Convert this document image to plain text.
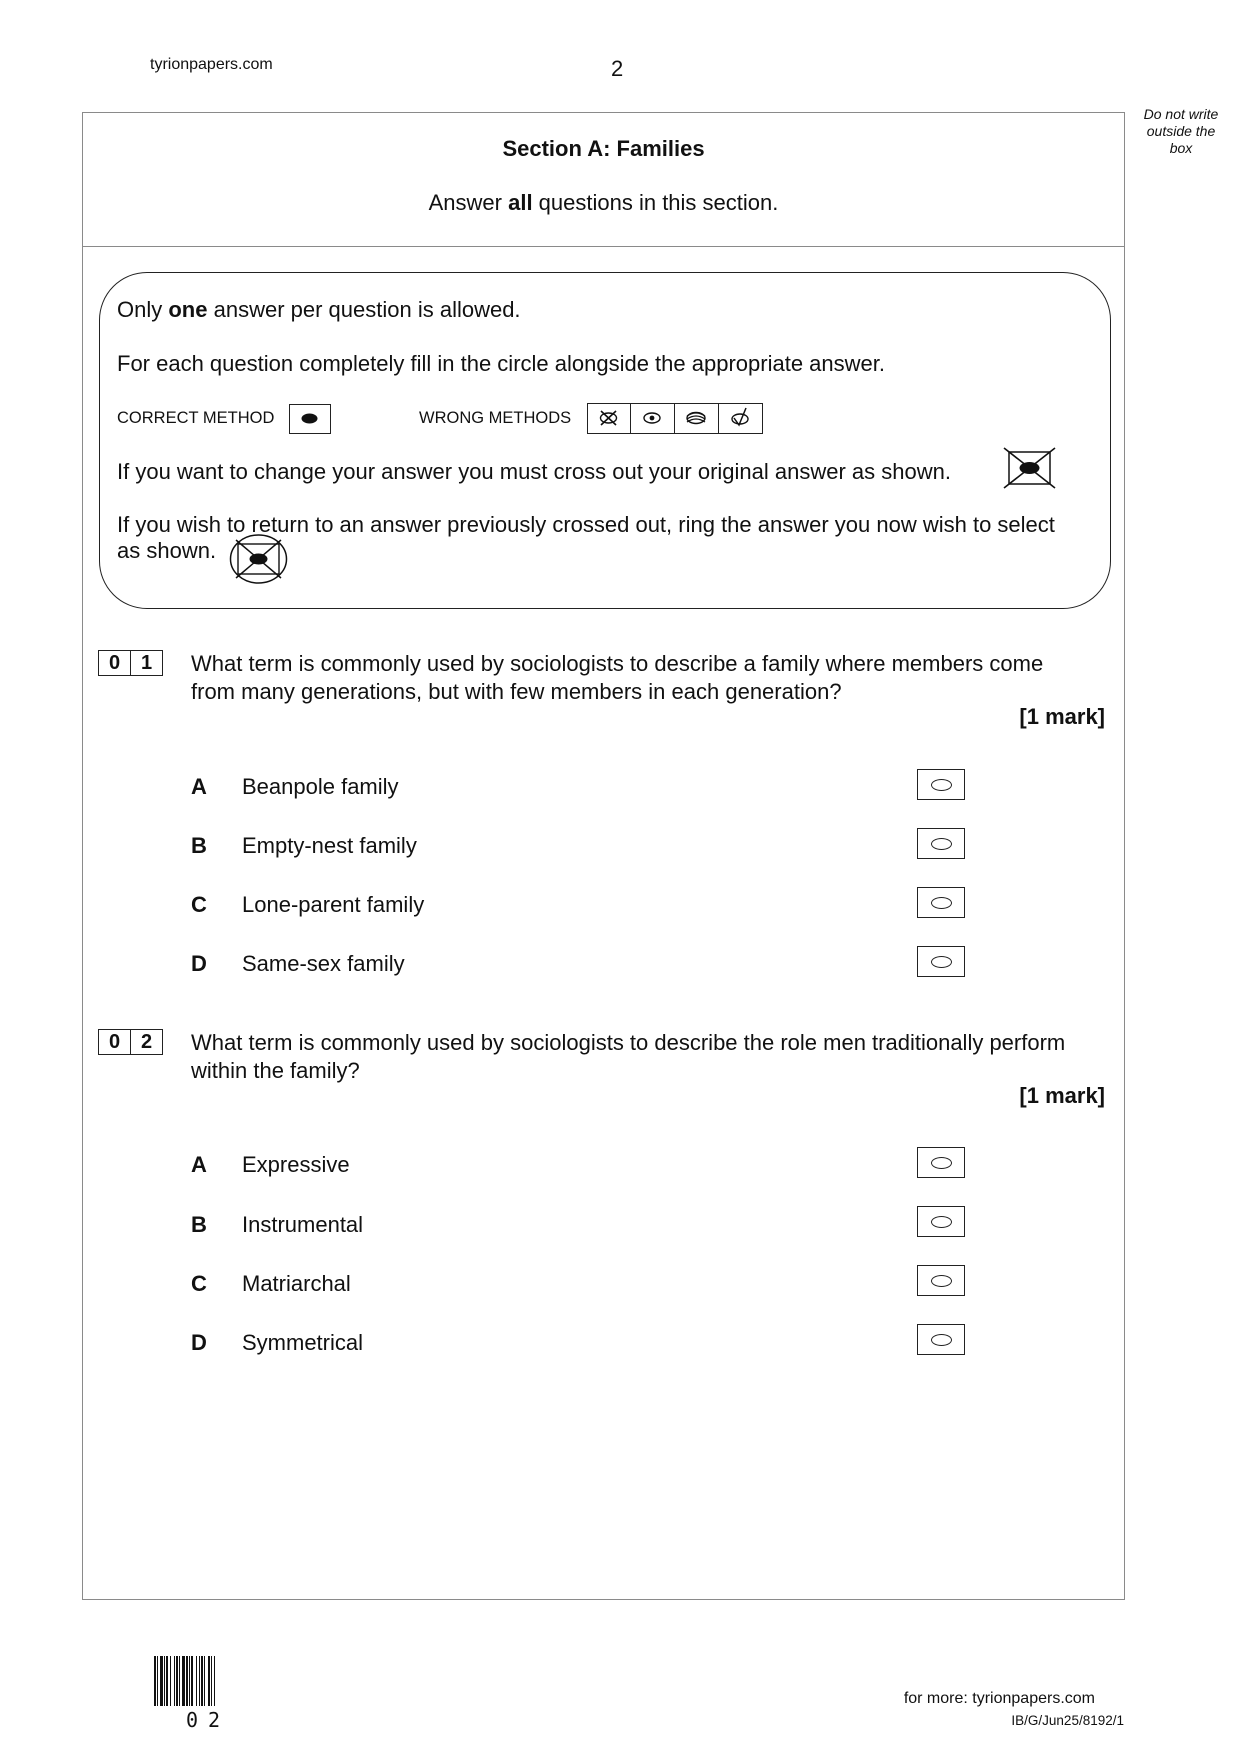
tyrionpapers.com	2
Do not write
outside the
box
Section A: Families
Answer all questions in this section.
Only one answer per question is allowed.
For each question completely fill in the circle alongside the appropriate answer.
CORRECT METHOD	WRONG METHODS
If you want to change your answer you must cross out your original answer as shown.
If you wish to return to an answer previously crossed out, ring the answer you now wish to select
as shown.
0	1	What term is commonly used by sociologists to describe a family where members come
from many generations, but with few members in each generation?
[1 mark]
A Beanpole family
B Empty-nest family
C Lone-parent family
D Same-sex family
0	2	What term is commonly used by sociologists to describe the role men traditionally perform
within the family?
[1 mark]
A Expressive
B Instrumental
C Matriarchal
D Symmetrical
02
for more: tyrionpapers.com
IB/G/Jun25/8192/1
